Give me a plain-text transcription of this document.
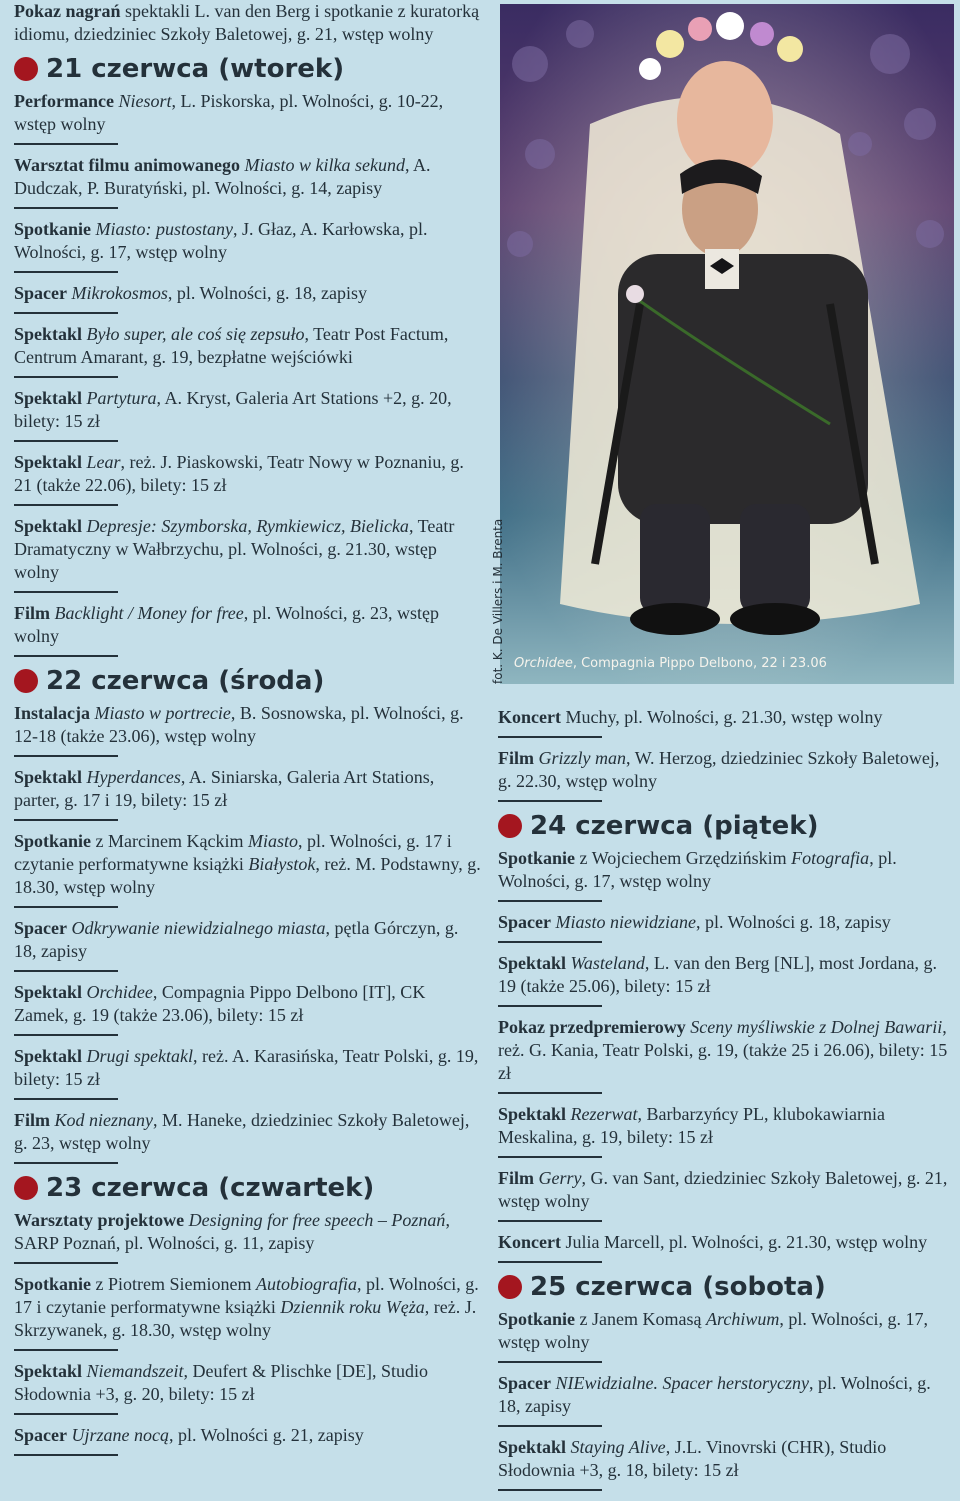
Pokaz nagrań spektakli L. van den Berg i spotkanie z kuratorką idiomu, dziedziniec Szkoły Baletowej, g. 21, wstęp wolny
21 czerwca (wtorek)
Performance Niesort, L. Piskorska, pl. Wolności, g. 10-22, wstęp wolny
Warsztat filmu animowanego Miasto w kilka sekund, A. Dudczak, P. Buratyński, pl. Wolności, g. 14, zapisy
Spotkanie Miasto: pustostany, J. Głaz, A. Karłowska, pl. Wolności, g. 17, wstęp wolny
Spacer Mikrokosmos, pl. Wolności, g. 18, zapisy
Spektakl Było super, ale coś się zepsuło, Teatr Post Factum, Centrum Amarant, g. 19, bezpłatne wejściówki
Spektakl Partytura, A. Kryst, Galeria Art Stations +2, g. 20, bilety: 15 zł
Spektakl Lear, reż. J. Piaskowski, Teatr Nowy w Poznaniu, g. 21 (także 22.06), bilety: 15 zł
Spektakl Depresje: Szymborska, Rymkiewicz, Bielicka, Teatr Dramatyczny w Wałbrzychu, pl. Wolności, g. 21.30, wstęp wolny
Film Backlight / Money for free, pl. Wolności, g. 23, wstęp wolny
22 czerwca (środa)
Instalacja Miasto w portrecie, B. Sosnowska, pl. Wolności, g. 12-18 (także 23.06), wstęp wolny
Spektakl Hyperdances, A. Siniarska, Galeria Art Stations, parter, g. 17 i 19, bilety: 15 zł
Spotkanie z Marcinem Kąckim Miasto, pl. Wolności, g. 17 i czytanie performatywne książki Białystok, reż. M. Podstawny, g. 18.30, wstęp wolny
Spacer Odkrywanie niewidzialnego miasta, pętla Górczyn, g. 18, zapisy
Spektakl Orchidee, Compagnia Pippo Delbono [IT], CK Zamek, g. 19 (także 23.06), bilety: 15 zł
Spektakl Drugi spektakl, reż. A. Karasińska, Teatr Polski, g. 19, bilety: 15 zł
Film Kod nieznany, M. Haneke, dziedziniec Szkoły Baletowej, g. 23, wstęp wolny
23 czerwca (czwartek)
Warsztaty projektowe Designing for free speech – Poznań, SARP Poznań, pl. Wolności, g. 11, zapisy
Spotkanie z Piotrem Siemionem Autobiografia, pl. Wolności, g. 17 i czytanie performatywne książki Dziennik roku Węża, reż. J. Skrzywanek, g. 18.30, wstęp wolny
Spektakl Niemandszeit, Deufert & Plischke [DE], Studio Słodownia +3, g. 20, bilety: 15 zł
Spacer Ujrzane nocą, pl. Wolności g. 21, zapisy
Orchidee, Compagnia Pippo Delbono, 22 i 23.06
fot. K. De Villers i M. Brenta
Koncert Muchy, pl. Wolności, g. 21.30, wstęp wolny
Film Grizzly man, W. Herzog, dziedziniec Szkoły Baletowej, g. 22.30, wstęp wolny
24 czerwca (piątek)
Spotkanie z Wojciechem Grzędzińskim Fotografia, pl. Wolności, g. 17, wstęp wolny
Spacer Miasto niewidziane, pl. Wolności g. 18, zapisy
Spektakl Wasteland, L. van den Berg [NL], most Jordana, g. 19 (także 25.06), bilety: 15 zł
Pokaz przedpremierowy Sceny myśliwskie z Dolnej Bawarii, reż. G. Kania, Teatr Polski, g. 19, (także 25 i 26.06), bilety: 15 zł
Spektakl Rezerwat, Barbarzyńcy PL, klubokawiarnia Meskalina, g. 19, bilety: 15 zł
Film Gerry, G. van Sant, dziedziniec Szkoły Baletowej, g. 21, wstęp wolny
Koncert Julia Marcell, pl. Wolności, g. 21.30, wstęp wolny
25 czerwca (sobota)
Spotkanie z Janem Komasą Archiwum, pl. Wolności, g. 17, wstęp wolny
Spacer NIEwidzialne. Spacer herstoryczny, pl. Wolności, g. 18, zapisy
Spektakl Staying Alive, J.L. Vinovrski (CHR), Studio Słodownia +3, g. 18, bilety: 15 zł
